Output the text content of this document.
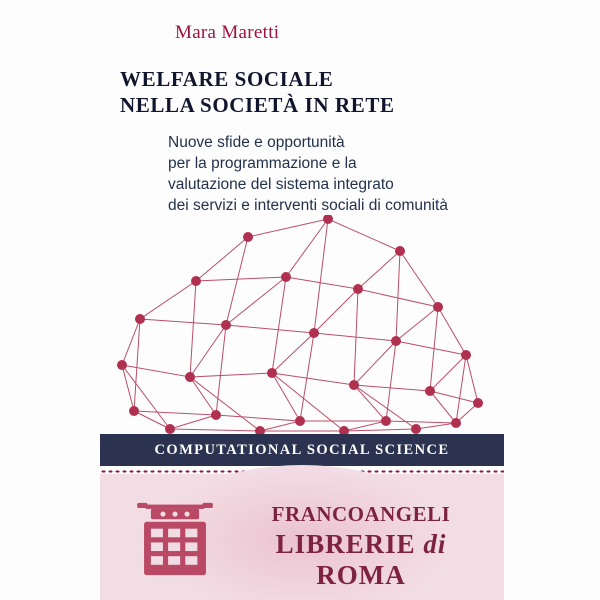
Mara Maretti
WELFARE SOCIALE
NELLA SOCIETÀ IN RETE
Nuove sfide e opportunità
per la programmazione e la
valutazione del sistema integrato
dei servizi e interventi sociali di comunità
COMPUTATIONAL SOCIAL SCIENCE
FRANCOANGELI
LIBRERIE di ROMA
